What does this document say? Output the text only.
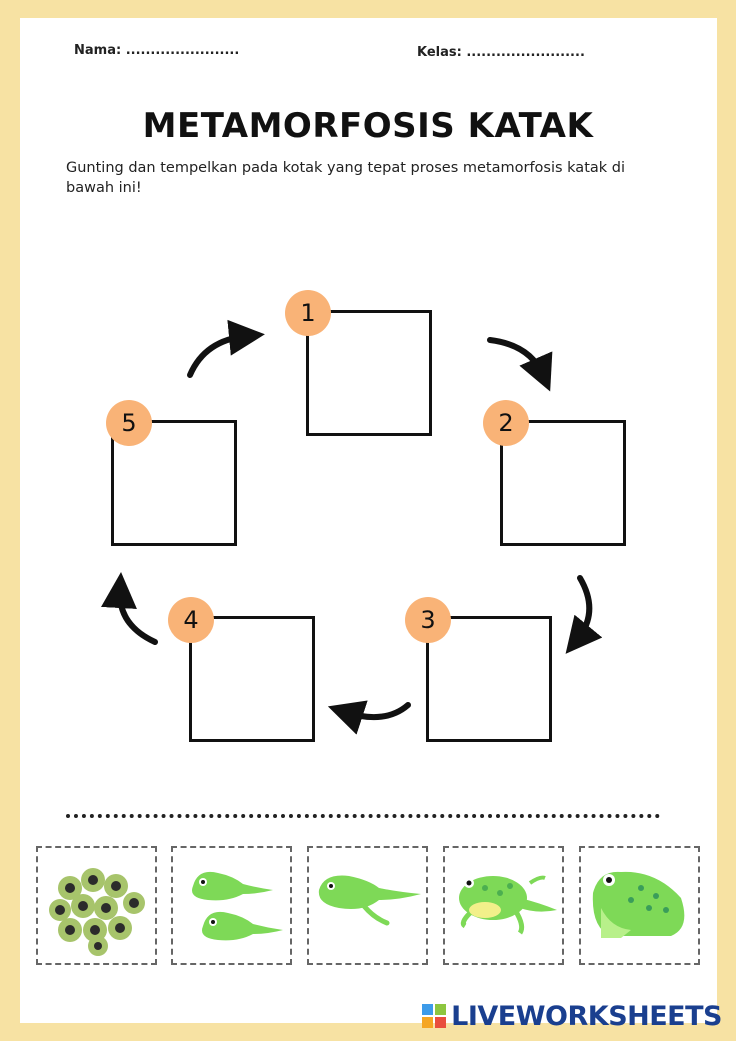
Nama: .......................	Kelas: ........................
METAMORFOSIS KATAK
Gunting dan tempelkan pada kotak yang tepat proses metamorfosis katak di bawah ini!
1
2
3
4
5
LIVEWORKSHEETS
